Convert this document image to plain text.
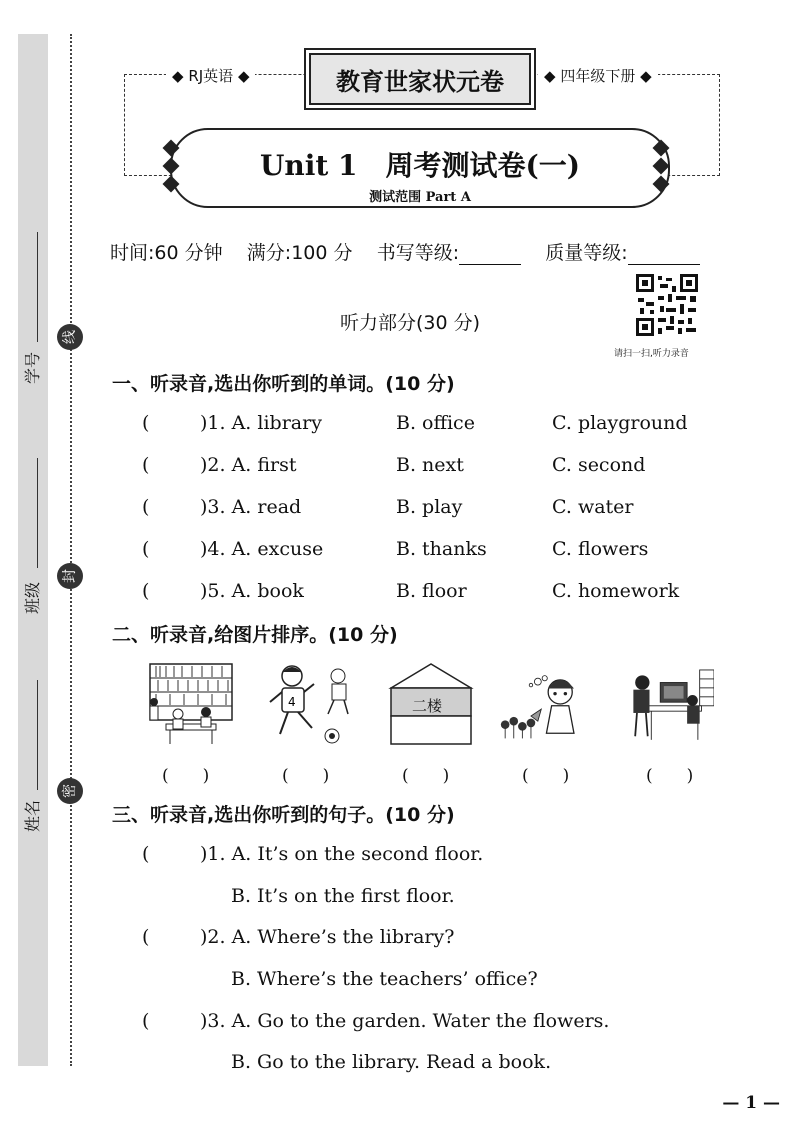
线
封
密
学号
班级
姓名
◆ RJ英语 ◆	◆ 四年级下册 ◆
教育世家状元卷
Unit 1　周考测试卷(一)
测试范围 Part A
时间:60 分钟 满分:100 分 书写等级:	质量等级:
请扫一扫,听力录音
听力部分(30 分)
一、听录音,选出你听到的单词。(10 分)
(	)1. A. library	B. office	C. playground
(	)2. A. first	B. next	C. second
(	)3. A. read	B. play	C. water
(	)4. A. excuse	B. thanks	C. flowers
(	)5. A. book	B. floor	C. homework
二、听录音,给图片排序。(10 分)
4	二楼
(　　)	(　　)	(　　)	(　　)	(　　)
三、听录音,选出你听到的句子。(10 分)
(	)1. A. It’s on the second floor.
B. It’s on the first floor.
(	)2. A. Where’s the library?
B. Where’s the teachers’ office?
(	)3. A. Go to the garden. Water the flowers.
B. Go to the library. Read a book.
— 1 —
